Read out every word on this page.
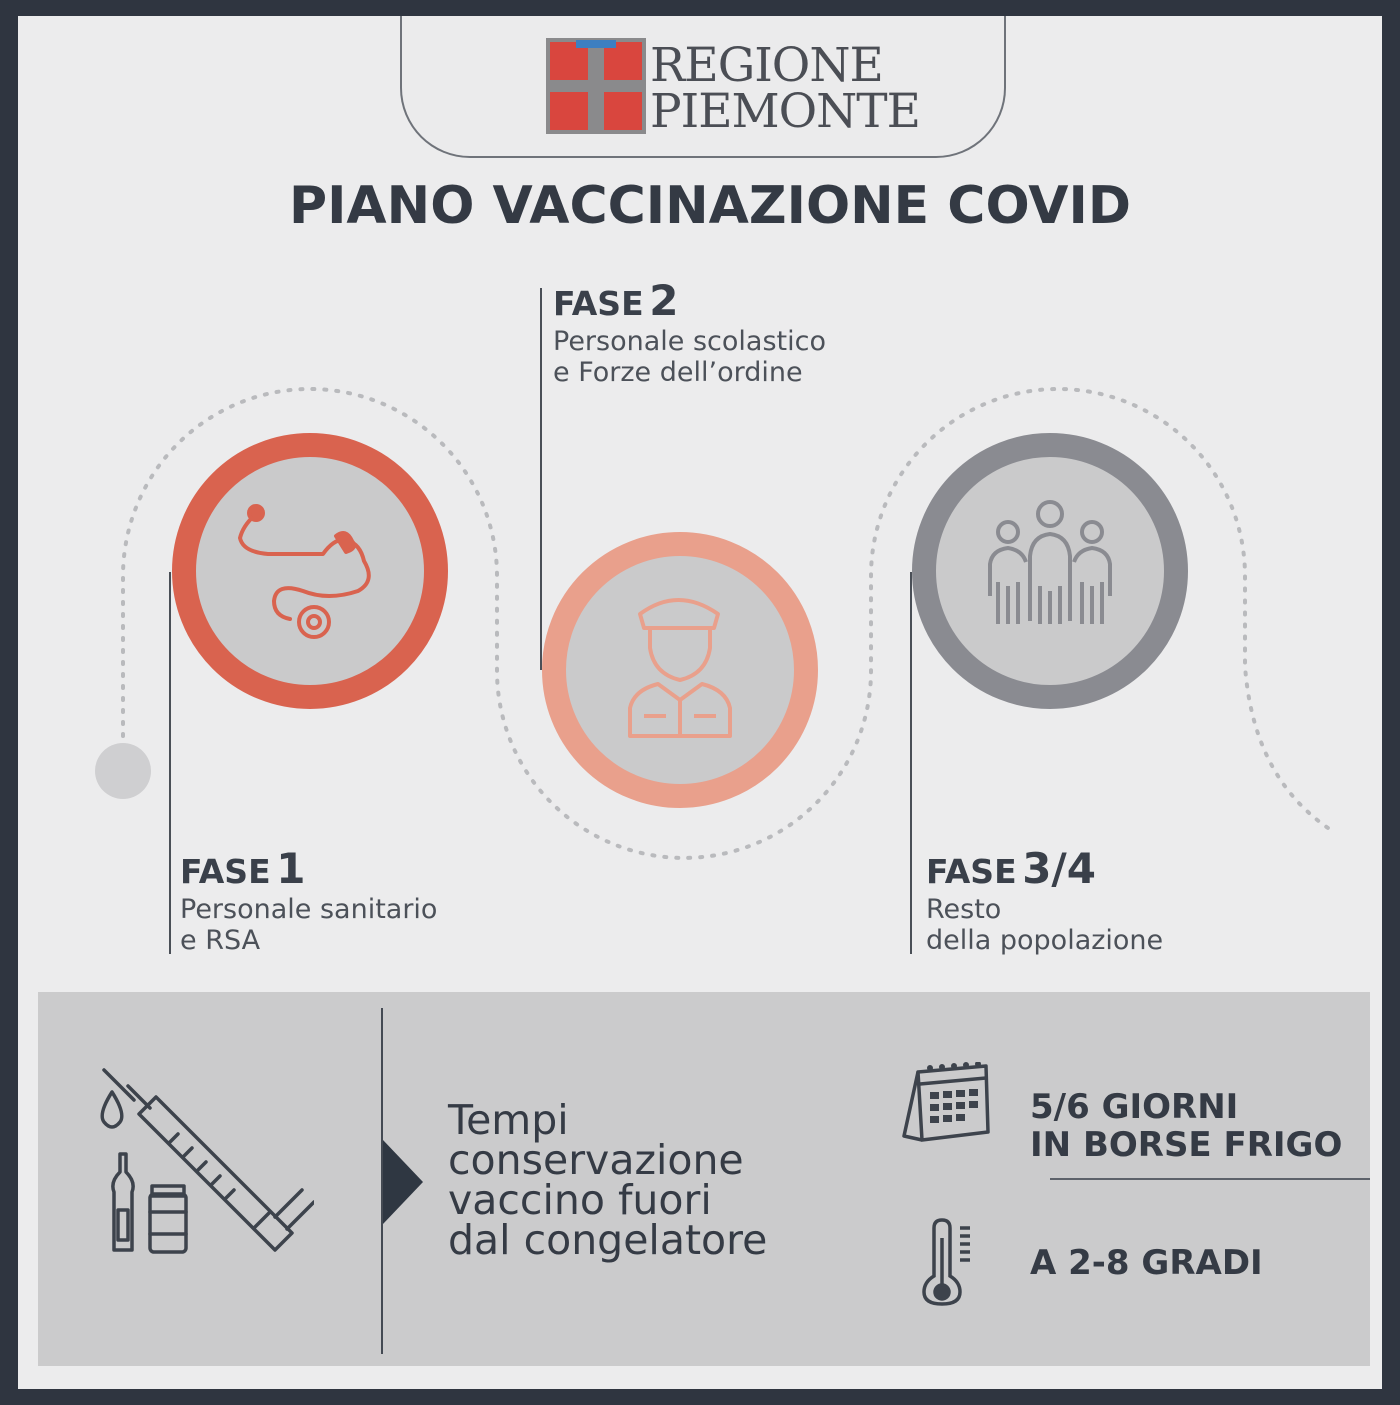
REGIONE
PIEMONTE
PIANO VACCINAZIONE COVID
FASE 2
Personale scolastico
e Forze dell’ordine
FASE 1
Personale sanitario
e RSA
FASE 3/4
Resto
della popolazione
Tempi
conservazione
vaccino fuori
dal congelatore
5/6 GIORNI
IN BORSE FRIGO
A 2-8 GRADI
